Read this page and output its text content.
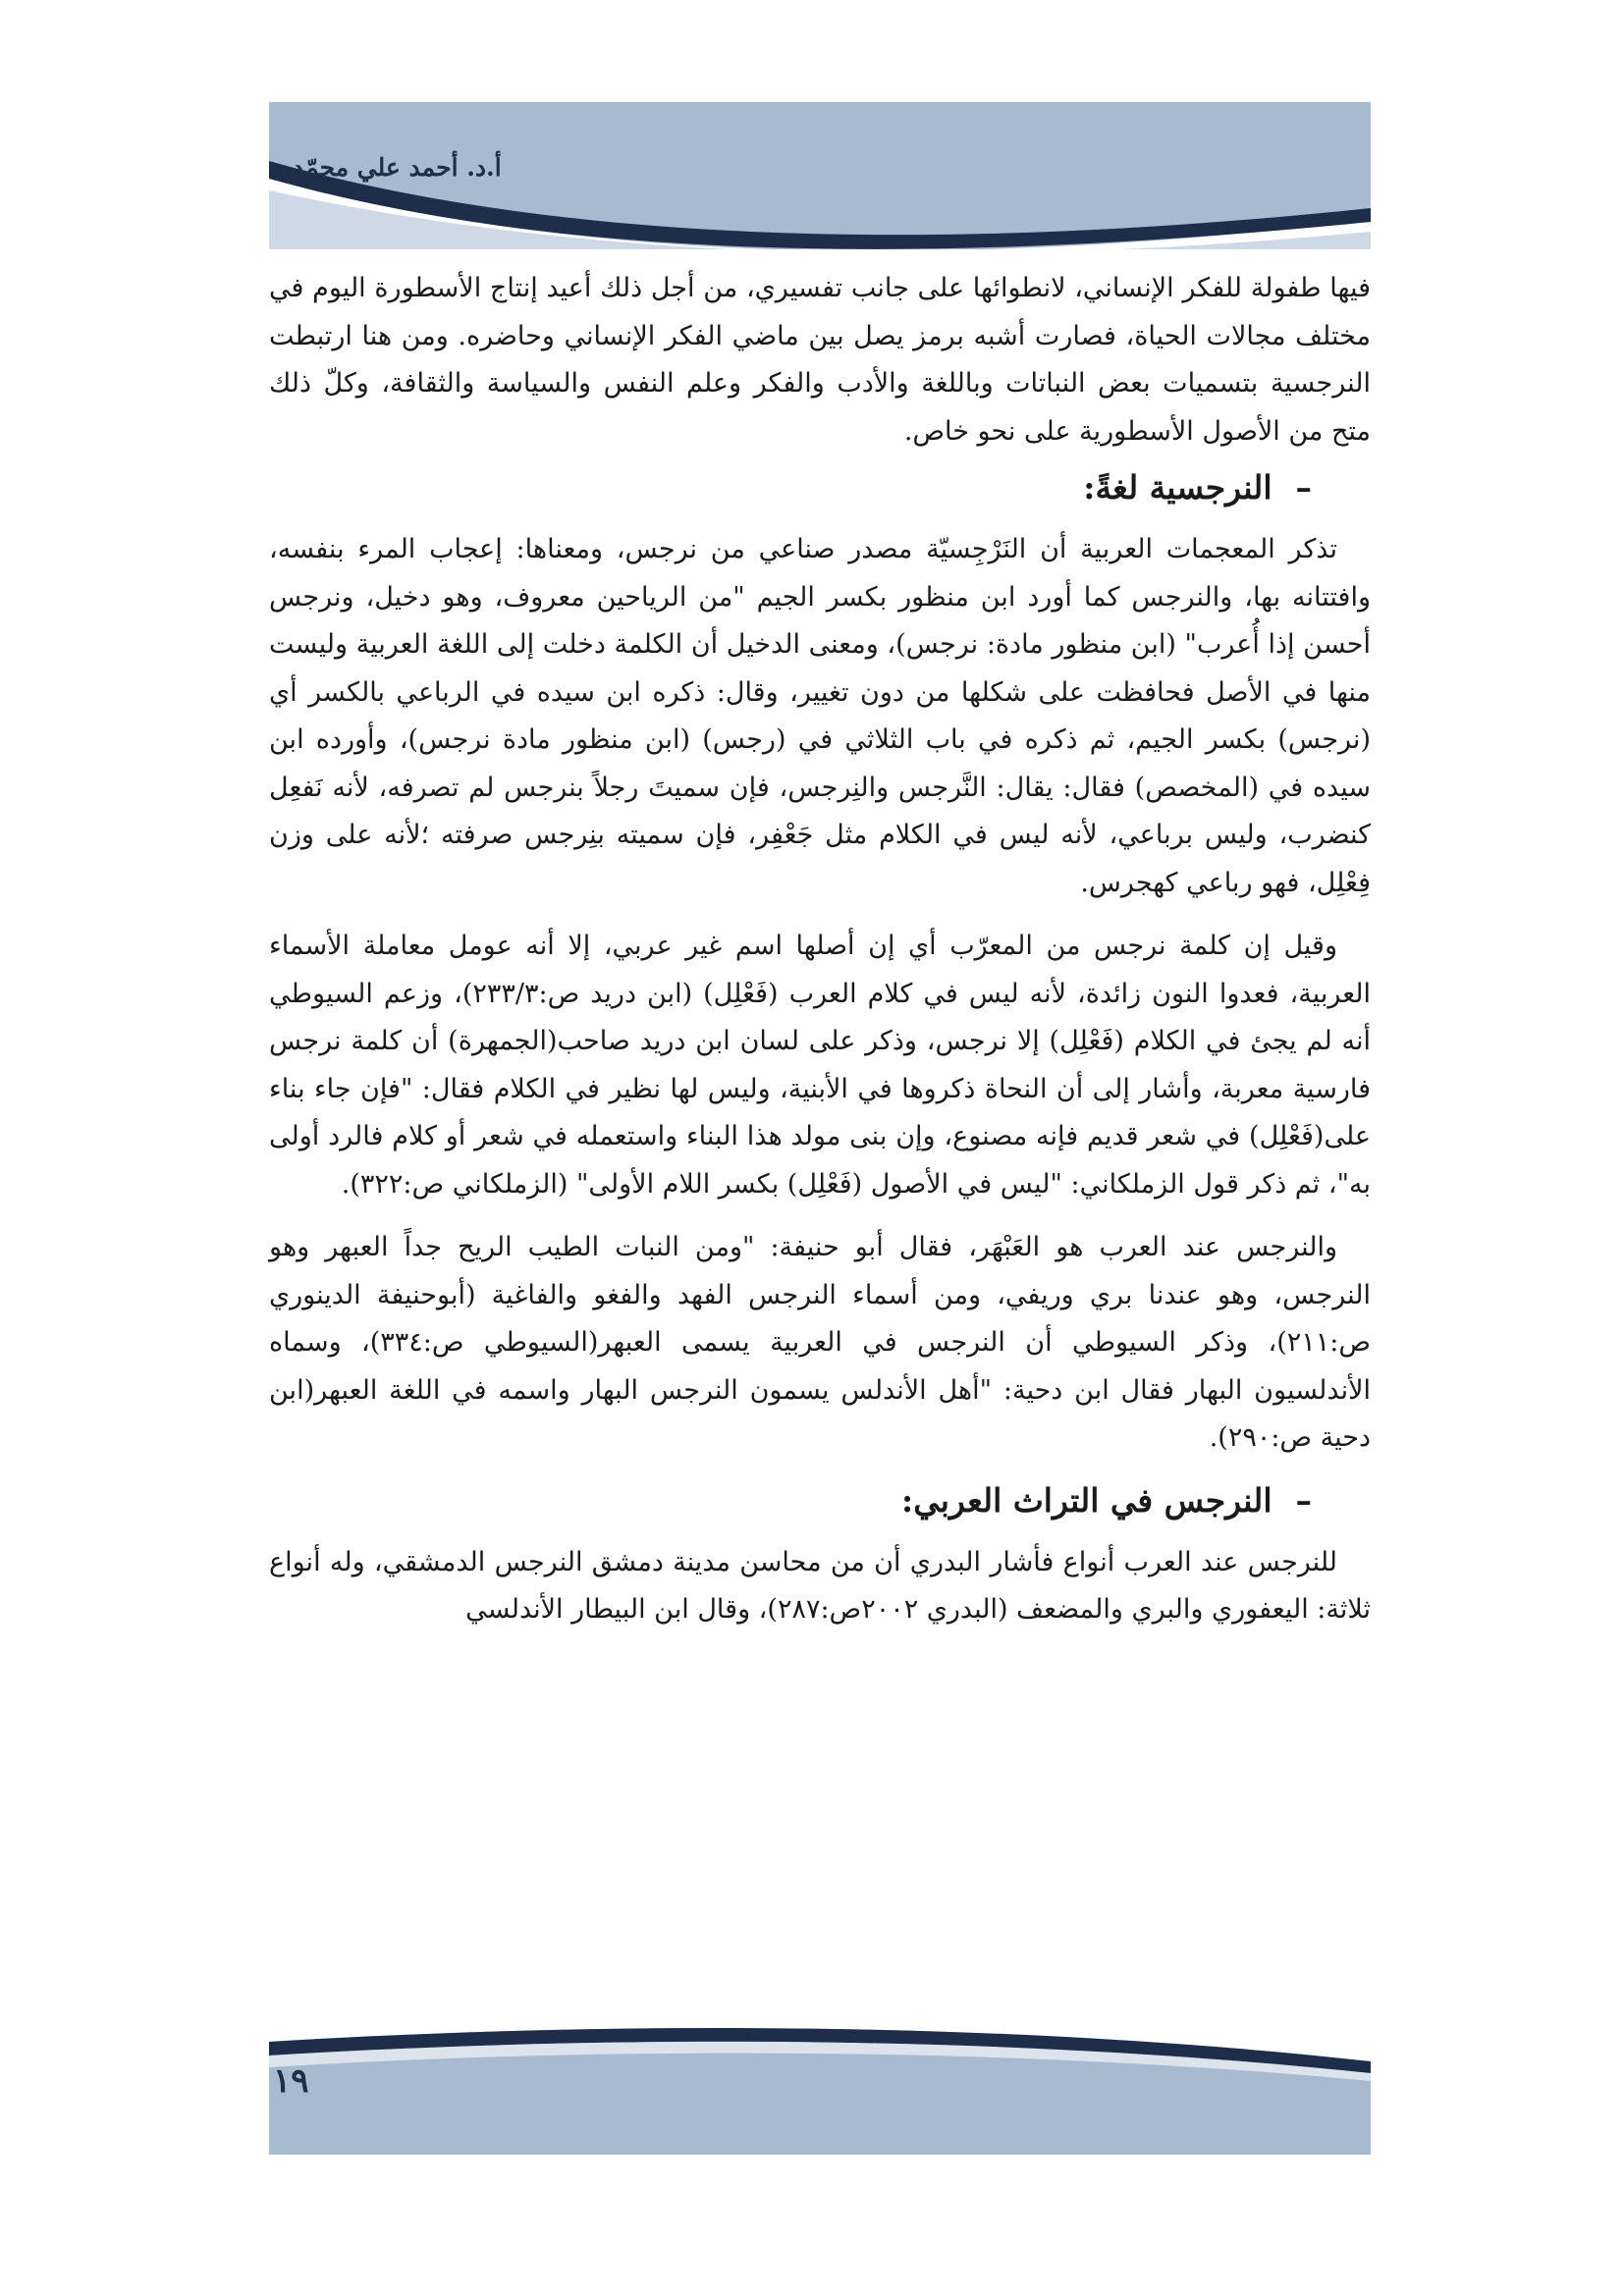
أ.د. أحمد علي محمّد

فيها طفولة للفكر الإنساني، لانطوائها على جانب تفسيري، من أجل ذلك أعيد إنتاج الأسطورة اليوم في مختلف مجالات الحياة، فصارت أشبه برمز يصل بين ماضي الفكر الإنساني وحاضره. ومن هنا ارتبطت النرجسية بتسميات بعض النباتات وباللغة والأدب والفكر وعلم النفس والسياسة والثقافة، وكلّ ذلك متح من الأصول الأسطورية على نحو خاص.

–
النرجسية لغةً:

تذكر المعجمات العربية أن النَرْجِسيّة مصدر صناعي من نرجس، ومعناها: إعجاب المرء بنفسه، وافتتانه بها، والنرجس كما أورد ابن منظور بكسر الجيم "من الرياحين معروف، وهو دخيل، ونرجس أحسن إذا أُعرب" (ابن منظور مادة: نرجس)، ومعنى الدخيل أن الكلمة دخلت إلى اللغة العربية وليست منها في الأصل فحافظت على شكلها من دون تغيير، وقال: ذكره ابن سيده في الرباعي بالكسر أي (نرجس) بكسر الجيم، ثم ذكره في باب الثلاثي في (رجس) (ابن منظور مادة نرجس)، وأورده ابن سيده في (المخصص) فقال: يقال: النَّرجس والنِرجس، فإن سميتَ رجلاً بنرجس لم تصرفه، لأنه نَفعِل كنضرب، وليس برباعي، لأنه ليس في الكلام مثل جَعْفِر، فإن سميته بنِرجس صرفته ؛لأنه على وزن فِعْلِل، فهو رباعي كهجرس.

وقيل إن كلمة نرجس من المعرّب أي إن أصلها اسم غير عربي، إلا أنه عومل معاملة الأسماء العربية، فعدوا النون زائدة، لأنه ليس في كلام العرب (فَعْلِل) (ابن دريد ص:٢٣٣/٣)، وزعم السيوطي أنه لم يجئ في الكلام (فَعْلِل) إلا نرجس، وذكر على لسان ابن دريد صاحب(الجمهرة) أن كلمة نرجس فارسية معربة، وأشار إلى أن النحاة ذكروها في الأبنية، وليس لها نظير في الكلام فقال: "فإن جاء بناء على(فَعْلِل) في شعر قديم فإنه مصنوع، وإن بنى مولد هذا البناء واستعمله في شعر أو كلام فالرد أولى به"، ثم ذكر قول الزملكاني: "ليس في الأصول (فَعْلِل) بكسر اللام الأولى" (الزملكاني ص:٣٢٢).

والنرجس عند العرب هو العَبْهَر، فقال أبو حنيفة: "ومن النبات الطيب الريح جداً العبهر وهو النرجس، وهو عندنا بري وريفي، ومن أسماء النرجس الفهد والفغو والفاغية (أبوحنيفة الدينوري ص:٢١١)، وذكر السيوطي أن النرجس في العربية يسمى العبهر(السيوطي ص:٣٣٤)، وسماه الأندلسيون البهار فقال ابن دحية: "أهل الأندلس يسمون النرجس البهار واسمه في اللغة العبهر(ابن دحية ص:٢٩٠).

–
النرجس في التراث العربي:

للنرجس عند العرب أنواع فأشار البدري أن من محاسن مدينة دمشق النرجس الدمشقي، وله أنواع ثلاثة: اليعفوري والبري والمضعف (البدري ٢٠٠٢ص:٢٨٧)، وقال ابن البيطار الأندلسي

١٩
